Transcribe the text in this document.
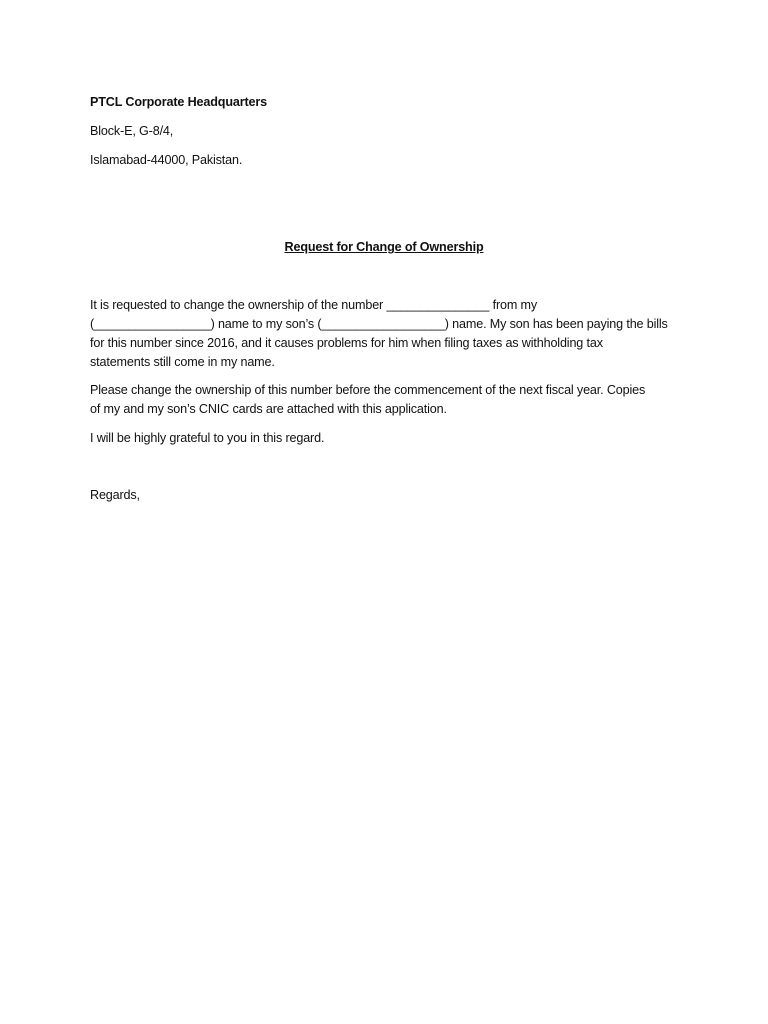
PTCL Corporate Headquarters
Block-E, G-8/4,
Islamabad-44000, Pakistan.
Request for Change of Ownership
It is requested to change the ownership of the number _______________ from my
(_________________) name to my son’s (__________________) name. My son has been paying the bills
for this number since 2016, and it causes problems for him when filing taxes as withholding tax
statements still come in my name.
Please change the ownership of this number before the commencement of the next fiscal year. Copies
of my and my son’s CNIC cards are attached with this application.
I will be highly grateful to you in this regard.
Regards,
